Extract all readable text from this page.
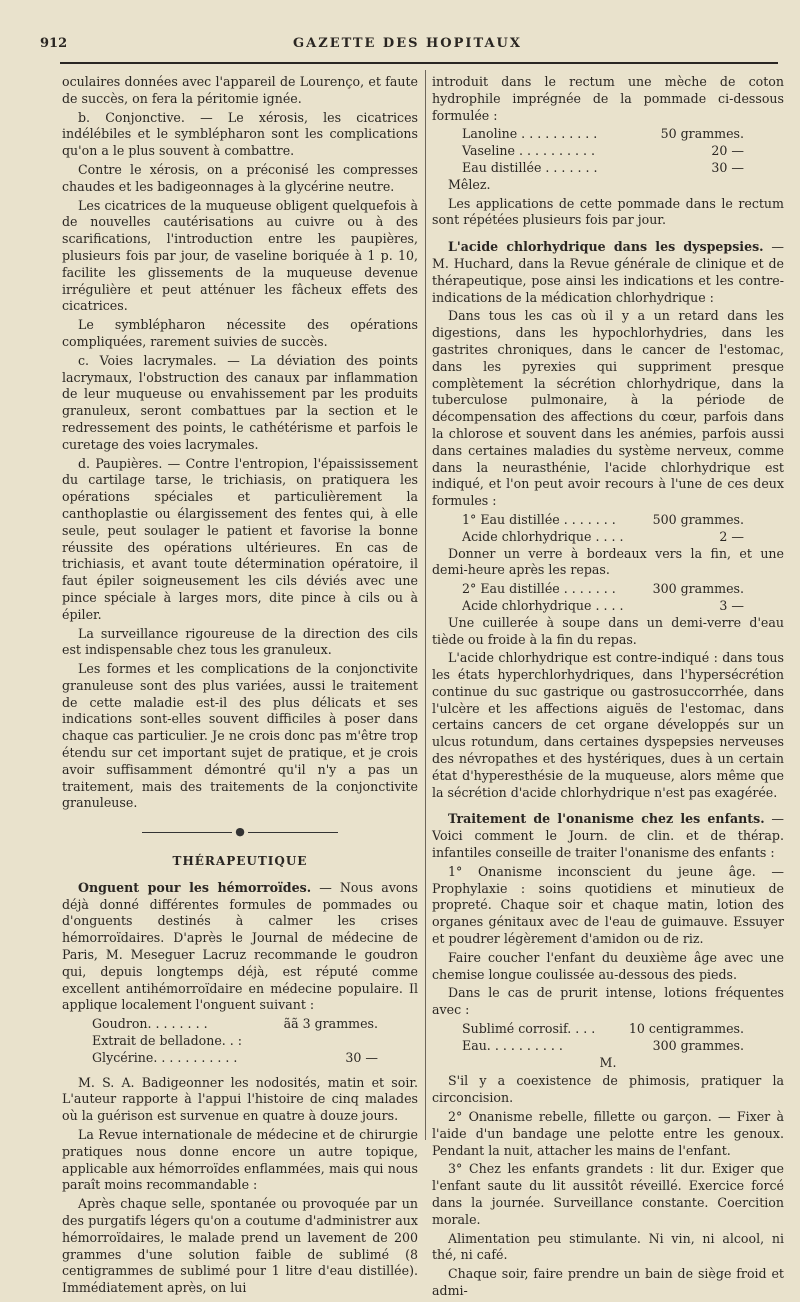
912	GAZETTE DES HOPITAUX

oculaires données avec l'appareil de Lourenço, et faute de succès, on fera la péritomie ignée.

b. Conjonctive. — Le xérosis, les cicatrices indélébiles et le symblépharon sont les complications qu'on a le plus souvent à combattre.

Contre le xérosis, on a préconisé les compresses chaudes et les badigeonnages à la glycérine neutre.

Les cicatrices de la muqueuse obligent quelquefois à de nouvelles cautérisations au cuivre ou à des scarifications, l'introduction entre les paupières, plusieurs fois par jour, de vaseline boriquée à 1 p. 10, facilite les glissements de la muqueuse devenue irrégulière et peut atténuer les fâcheux effets des cicatrices.

Le symblépharon nécessite des opérations compliquées, rarement suivies de succès.

c. Voies lacrymales. — La déviation des points lacrymaux, l'obstruction des canaux par inflammation de leur muqueuse ou envahissement par les produits granuleux, seront combattues par la section et le redressement des points, le cathétérisme et parfois le curetage des voies lacrymales.

d. Paupières. — Contre l'entropion, l'épaississement du cartilage tarse, le trichiasis, on pratiquera les opérations spéciales et particulièrement la canthoplastie ou élargissement des fentes qui, à elle seule, peut soulager le patient et favorise la bonne réussite des opérations ultérieures. En cas de trichiasis, et avant toute détermination opératoire, il faut épiler soigneusement les cils déviés avec une pince spéciale à larges mors, dite pince à cils ou à épiler.

La surveillance rigoureuse de la direction des cils est indispensable chez tous les granuleux.

Les formes et les complications de la conjonctivite granuleuse sont des plus variées, aussi le traitement de cette maladie est-il des plus délicats et ses indications sont-elles souvent difficiles à poser dans chaque cas particulier. Je ne crois donc pas m'être trop étendu sur cet important sujet de pratique, et je crois avoir suffisamment démontré qu'il n'y a pas un traitement, mais des traitements de la conjonctivite granuleuse.

●
THÉRAPEUTIQUE

Onguent pour les hémorroïdes. — Nous avons déjà donné différentes formules de pommades ou d'onguents destinés à calmer les crises hémorroïdaires. D'après le Journal de médecine de Paris, M. Meseguer Lacruz recommande le goudron qui, depuis longtemps déjà, est réputé comme excellent antihémorroïdaire en médecine populaire. Il applique localement l'onguent suivant :

Goudron. . . . . . . .	ãã 3 grammes.
Extrait de belladone. . :
Glycérine. . . . . . . . . . .	30 —

M. S. A. Badigeonner les nodosités, matin et soir. L'auteur rapporte à l'appui l'histoire de cinq malades où la guérison est survenue en quatre à douze jours.

La Revue internationale de médecine et de chirurgie pratiques nous donne encore un autre topique, applicable aux hémorroïdes enflammées, mais qui nous paraît moins recommandable :

Après chaque selle, spontanée ou provoquée par un des purgatifs légers qu'on a coutume d'administrer aux hémorroïdaires, le malade prend un lavement de 200 grammes d'une solution faible de sublimé (8 centigrammes de sublimé pour 1 litre d'eau distillée). Immédiatement après, on lui

introduit dans le rectum une mèche de coton hydrophile imprégnée de la pommade ci-dessous formulée :

Lanoline . . . . . . . . . .	50 grammes.
Vaseline . . . . . . . . . .	20 —
Eau distillée . . . . . . .	30 —

Mêlez.

Les applications de cette pommade dans le rectum sont répétées plusieurs fois par jour.

L'acide chlorhydrique dans les dyspepsies. — M. Huchard, dans la Revue générale de clinique et de thérapeutique, pose ainsi les indications et les contre-indications de la médication chlorhydrique :

Dans tous les cas où il y a un retard dans les digestions, dans les hypochlorhydries, dans les gastrites chroniques, dans le cancer de l'estomac, dans les pyrexies qui suppriment presque complètement la sécrétion chlorhydrique, dans la tuberculose pulmonaire, à la période de décompensation des affections du cœur, parfois dans la chlorose et souvent dans les anémies, parfois aussi dans certaines maladies du système nerveux, comme dans la neurasthénie, l'acide chlorhydrique est indiqué, et l'on peut avoir recours à l'une de ces deux formules :

1° Eau distillée . . . . . . .	500 grammes.
Acide chlorhydrique . . . .	2 —

Donner un verre à bordeaux vers la fin, et une demi-heure après les repas.

2° Eau distillée . . . . . . .	300 grammes.
Acide chlorhydrique . . . .	3 —

Une cuillerée à soupe dans un demi-verre d'eau tiède ou froide à la fin du repas.

L'acide chlorhydrique est contre-indiqué : dans tous les états hyperchlorhydriques, dans l'hypersécrétion continue du suc gastrique ou gastrosuccorrhée, dans l'ulcère et les affections aiguës de l'estomac, dans certains cancers de cet organe développés sur un ulcus rotundum, dans certaines dyspepsies nerveuses des névropathes et des hystériques, dues à un certain état d'hyperesthésie de la muqueuse, alors même que la sécrétion d'acide chlorhydrique n'est pas exagérée.

Traitement de l'onanisme chez les enfants. — Voici comment le Journ. de clin. et de thérap. infantiles conseille de traiter l'onanisme des enfants :

1° Onanisme inconscient du jeune âge. — Prophylaxie : soins quotidiens et minutieux de propreté. Chaque soir et chaque matin, lotion des organes génitaux avec de l'eau de guimauve. Essuyer et poudrer légèrement d'amidon ou de riz.

Faire coucher l'enfant du deuxième âge avec une chemise longue coulissée au-dessous des pieds.

Dans le cas de prurit intense, lotions fréquentes avec :

Sublimé corrosif. . . .	10 centigrammes.
Eau. . . . . . . . . .	300 grammes.

M.

S'il y a coexistence de phimosis, pratiquer la circoncision.

2° Onanisme rebelle, fillette ou garçon. — Fixer à l'aide d'un bandage une pelotte entre les genoux. Pendant la nuit, attacher les mains de l'enfant.

3° Chez les enfants grandets : lit dur. Exiger que l'enfant saute du lit aussitôt réveillé. Exercice forcé dans la journée. Surveillance constante. Coercition morale.

Alimentation peu stimulante. Ni vin, ni alcool, ni thé, ni café.

Chaque soir, faire prendre un bain de siège froid et admi-
